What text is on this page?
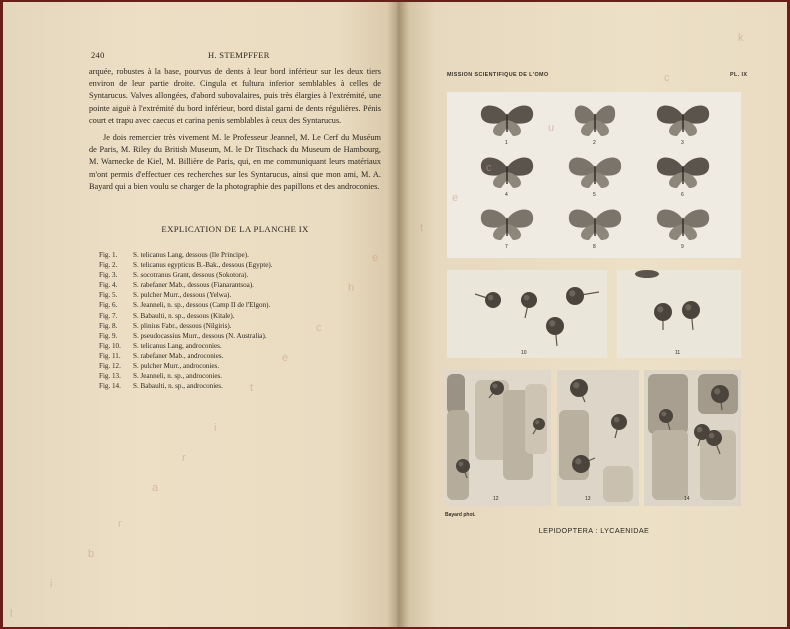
240	H. STEMPFFER

arquée, robustes à la base, pourvus de dents à leur bord inférieur sur les deux tiers environ de leur partie droite. Cingula et fultura inferior semblables à celles de Syntarucus. Valves allongées, d'abord subovalaires, puis très élargies à l'extrémité, une pointe aiguë à l'extrémité du bord inférieur, bord distal garni de dents régulières. Pénis court et trapu avec caecus et carina penis semblables à ceux des Syntarucus.

Je dois remercier très vivement M. le Professeur Jeannel, M. Le Cerf du Muséum de Paris, M. Riley du British Museum, M. le Dr Titschack du Museum de Hambourg, M. Warnecke de Kiel, M. Billière de Paris, qui, en me communiquant leurs matériaux m'ont permis d'effectuer ces recherches sur les Syntarucus, ainsi que mon ami, M. A. Bayard qui a bien voulu se charger de la photographie des papillons et des androconies.

EXPLICATION DE LA PLANCHE IX
Fig. 1.	S. telicanus Lang, dessous (Ile Principe).
Fig. 2.	S. telicanus egypticus B.-Bak., dessous (Egypte).
Fig. 3.	S. socotranus Grant, dessous (Sokotora).
Fig. 4.	S. rabefaner Mab., dessous (Fianarantsoa).
Fig. 5.	S. pulcher Murr., dessous (Yelwa).
Fig. 6.	S. Jeanneli, n. sp., dessous (Camp II de l'Elgon).
Fig. 7.	S. Babaulti, n. sp., dessous (Kitale).
Fig. 8.	S. plinius Fabr., dessous (Nilgiris).
Fig. 9.	S. pseudocassius Murr., dessous (N. Australia).
Fig. 10.	S. telicanus Lang, androconies.
Fig. 11.	S. rabefaner Mab., androconies.
Fig. 12.	S. pulcher Murr., androconies.
Fig. 13.	S. Jeanneli, n. sp., androconies.
Fig. 14.	S. Babaulti, n. sp., androconies.
MISSION SCIENTIFIQUE DE L'OMO	PL. IX
1	2	3
4	5	6
7	8	9
10	11
12	13	14
Bayard phot.
LEPIDOPTERA : LYCAENIDAE
l
i
b
r
a
r
i
t
e
c
h
e
t
e
c
u
c
k
